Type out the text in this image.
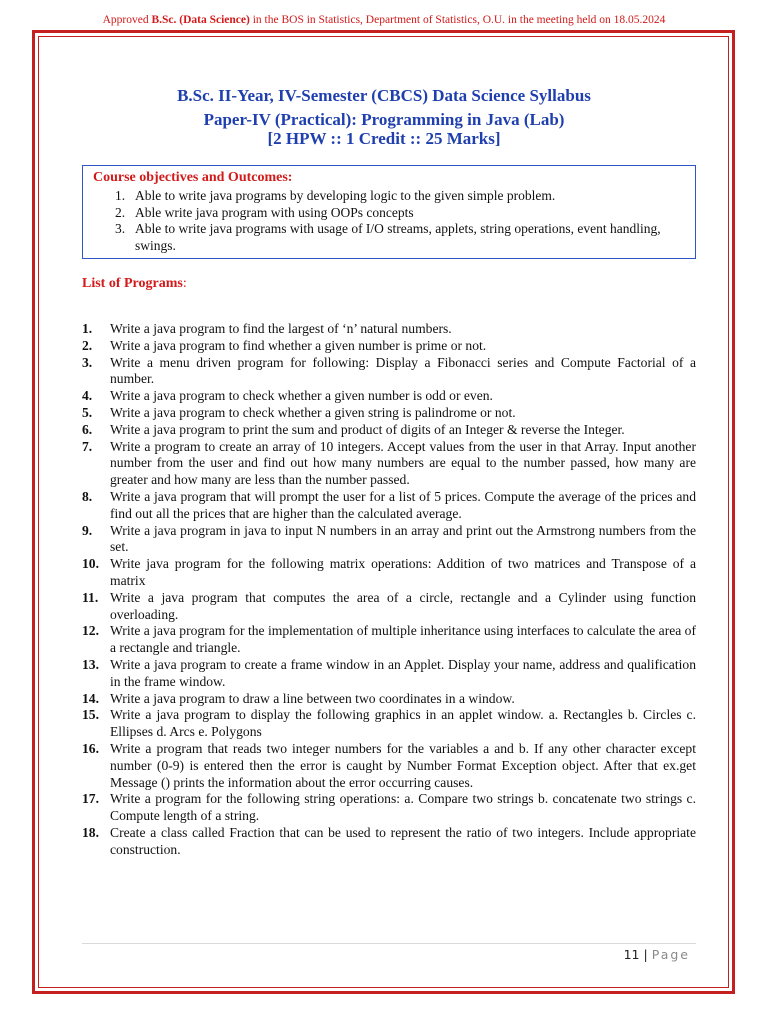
Approved B.Sc. (Data Science) in the BOS in Statistics, Department of Statistics, O.U. in the meeting held on 18.05.2024
B.Sc. II-Year, IV-Semester (CBCS) Data Science Syllabus
Paper-IV (Practical): Programming in Java (Lab)
[2 HPW :: 1 Credit :: 25 Marks]
Course objectives and Outcomes:
1. Able to write java programs by developing logic to the given simple problem.
2. Able write java program with using OOPs concepts
3. Able to write java programs with usage of I/O streams, applets, string operations, event handling, swings.
List of Programs:
1.	Write a java program to find the largest of ‘n’ natural numbers.
2.	Write a java program to find whether a given number is prime or not.
3.	Write a menu driven program for following: Display a Fibonacci series and Compute Factorial of a number.
4.	Write a java program to check whether a given number is odd or even.
5.	Write a java program to check whether a given string is palindrome or not.
6.	Write a java program to print the sum and product of digits of an Integer & reverse the Integer.
7.	Write a program to create an array of 10 integers. Accept values from the user in that Array. Input another number from the user and find out how many numbers are equal to the number passed, how many are greater and how many are less than the number passed.
8.	Write a java program that will prompt the user for a list of 5 prices. Compute the average of the prices and find out all the prices that are higher than the calculated average.
9.	Write a java program in java to input N numbers in an array and print out the Armstrong numbers from the set.
10. Write java program for the following matrix operations: Addition of two matrices and Transpose of a matrix
11. Write a java program that computes the area of a circle, rectangle and a Cylinder using function overloading.
12. Write a java program for the implementation of multiple inheritance using interfaces to calculate the area of a rectangle and triangle.
13. Write a java program to create a frame window in an Applet. Display your name, address and qualification in the frame window.
14. Write a java program to draw a line between two coordinates in a window.
15. Write a java program to display the following graphics in an applet window. a. Rectangles b. Circles c. Ellipses d. Arcs e. Polygons
16. Write a program that reads two integer numbers for the variables a and b. If any other character except number (0-9) is entered then the error is caught by Number Format Exception object. After that ex.get Message () prints the information about the error occurring causes.
17. Write a program for the following string operations: a. Compare two strings b. concatenate two strings c. Compute length of a string.
18. Create a class called Fraction that can be used to represent the ratio of two integers. Include appropriate construction.
11 | Page
